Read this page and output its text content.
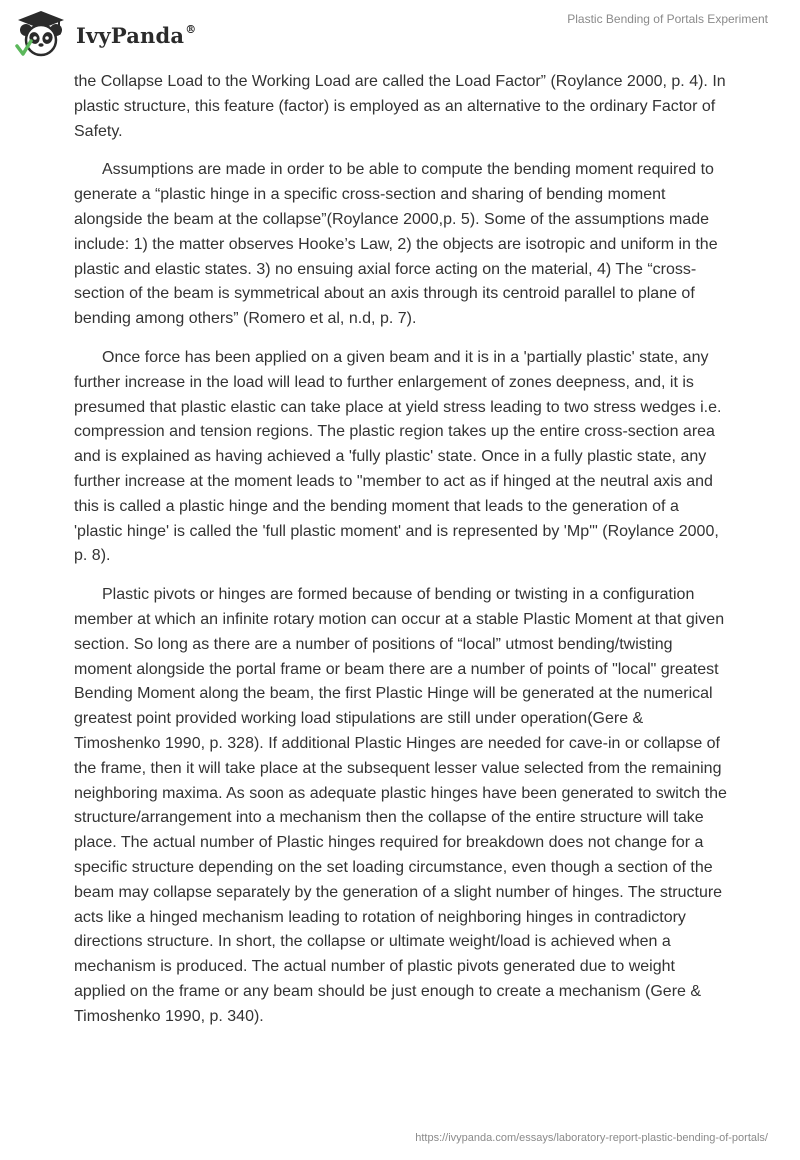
IvyPanda®
Plastic Bending of Portals Experiment

the Collapse Load to the Working Load are called the Load Factor” (Roylance 2000, p. 4). In plastic structure, this feature (factor) is employed as an alternative to the ordinary Factor of Safety.

Assumptions are made in order to be able to compute the bending moment required to generate a “plastic hinge in a specific cross-section and sharing of bending moment alongside the beam at the collapse”(Roylance 2000,p. 5). Some of the assumptions made include: 1) the matter observes Hooke’s Law, 2) the objects are isotropic and uniform in the plastic and elastic states. 3) no ensuing axial force acting on the material, 4) The “cross-section of the beam is symmetrical about an axis through its centroid parallel to plane of bending among others” (Romero et al, n.d, p. 7).

Once force has been applied on a given beam and it is in a 'partially plastic' state, any further increase in the load will lead to further enlargement of zones deepness, and, it is presumed that plastic elastic can take place at yield stress leading to two stress wedges i.e. compression and tension regions. The plastic region takes up the entire cross-section area and is explained as having achieved a 'fully plastic' state. Once in a fully plastic state, any further increase at the moment leads to "member to act as if hinged at the neutral axis and this is called a plastic hinge and the bending moment that leads to the generation of a 'plastic hinge' is called the 'full plastic moment' and is represented by 'Mp'" (Roylance 2000, p. 8).

Plastic pivots or hinges are formed because of bending or twisting in a configuration member at which an infinite rotary motion can occur at a stable Plastic Moment at that given section. So long as there are a number of positions of “local” utmost bending/twisting moment alongside the portal frame or beam there are a number of points of "local" greatest Bending Moment along the beam, the first Plastic Hinge will be generated at the numerical greatest point provided working load stipulations are still under operation(Gere & Timoshenko 1990, p. 328). If additional Plastic Hinges are needed for cave-in or collapse of the frame, then it will take place at the subsequent lesser value selected from the remaining neighboring maxima. As soon as adequate plastic hinges have been generated to switch the structure/arrangement into a mechanism then the collapse of the entire structure will take place. The actual number of Plastic hinges required for breakdown does not change for a specific structure depending on the set loading circumstance, even though a section of the beam may collapse separately by the generation of a slight number of hinges. The structure acts like a hinged mechanism leading to rotation of neighboring hinges in contradictory directions structure. In short, the collapse or ultimate weight/load is achieved when a mechanism is produced. The actual number of plastic pivots generated due to weight applied on the frame or any beam should be just enough to create a mechanism (Gere & Timoshenko 1990, p. 340).

https://ivypanda.com/essays/laboratory-report-plastic-bending-of-portals/
